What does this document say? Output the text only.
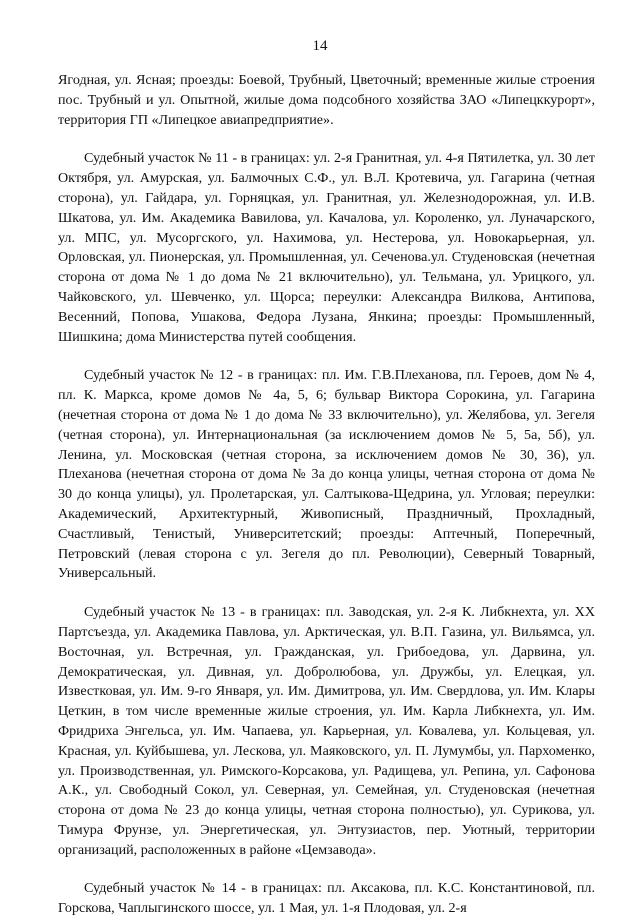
14

Ягодная, ул. Ясная; проезды: Боевой, Трубный, Цветочный; временные жилые строения пос. Трубный и ул. Опытной, жилые дома подсобного хозяйства ЗАО «Липецккурорт», территория ГП «Липецкое авиапредприятие».

Судебный участок № 11 - в границах: ул. 2-я Гранитная, ул. 4-я Пятилетка, ул. 30 лет Октября, ул. Амурская, ул. Балмочных С.Ф., ул. В.Л. Кротевича, ул. Гагарина (четная сторона), ул. Гайдара, ул. Горняцкая, ул. Гранитная, ул. Железнодорожная, ул. И.В. Шкатова, ул. Им. Академика Вавилова, ул. Качалова, ул. Короленко, ул. Луначарского, ул. МПС, ул. Мусоргского, ул. Нахимова, ул. Нестерова, ул. Новокарьерная, ул. Орловская, ул. Пионерская, ул. Промышленная, ул. Сеченова.ул. Студеновская (нечетная сторона от дома № 1 до дома № 21 включительно), ул. Тельмана, ул. Урицкого, ул. Чайковского, ул. Шевченко, ул. Щорса; переулки: Александра Вилкова, Антипова, Весенний, Попова, Ушакова, Федора Лузана, Янкина; проезды: Промышленный, Шишкина; дома Министерства путей сообщения.

Судебный участок № 12 - в границах: пл. Им. Г.В.Плеханова, пл. Героев, дом № 4, пл. К. Маркса, кроме домов № 4а, 5, 6; бульвар Виктора Сорокина, ул. Гагарина (нечетная сторона от дома № 1 до дома № 33 включительно), ул. Желябова, ул. Зегеля (четная сторона), ул. Интернациональная (за исключением домов № 5, 5а, 5б), ул. Ленина, ул. Московская (четная сторона, за исключением домов № 30, 36), ул. Плеханова (нечетная сторона от дома № 3а до конца улицы, четная сторона от дома № 30 до конца улицы), ул. Пролетарская, ул. Салтыкова-Щедрина, ул. Угловая; переулки: Академический, Архитектурный, Живописный, Праздничный, Прохладный, Счастливый, Тенистый, Университетский; проезды: Аптечный, Поперечный, Петровский (левая сторона с ул. Зегеля до пл. Революции), Северный Товарный, Универсальный.

Судебный участок № 13 - в границах: пл. Заводская, ул. 2-я К. Либкнехта, ул. XX Партсъезда, ул. Академика Павлова, ул. Арктическая, ул. В.П. Газина, ул. Вильямса, ул. Восточная, ул. Встречная, ул. Гражданская, ул. Грибоедова, ул. Дарвина, ул. Демократическая, ул. Дивная, ул. Добролюбова, ул. Дружбы, ул. Елецкая, ул. Известковая, ул. Им. 9-го Января, ул. Им. Димитрова, ул. Им. Свердлова, ул. Им. Клары Цеткин, в том числе временные жилые строения, ул. Им. Карла Либкнехта, ул. Им. Фридриха Энгельса, ул. Им. Чапаева, ул. Карьерная, ул. Ковалева, ул. Кольцевая, ул. Красная, ул. Куйбышева, ул. Лескова, ул. Маяковского, ул. П. Лумумбы, ул. Пархоменко, ул. Производственная, ул. Римского-Корсакова, ул. Радищева, ул. Репина, ул. Сафонова А.К., ул. Свободный Сокол, ул. Северная, ул. Семейная, ул. Студеновская (нечетная сторона от дома № 23 до конца улицы, четная сторона полностью), ул. Сурикова, ул. Тимура Фрунзе, ул. Энергетическая, ул. Энтузиастов, пер. Уютный, территории организаций, расположенных в районе «Цемзавода».

Судебный участок № 14 - в границах: пл. Аксакова, пл. К.С. Константиновой, пл. Горскова, Чаплыгинского шоссе, ул. 1 Мая, ул. 1-я Плодовая, ул. 2-я
